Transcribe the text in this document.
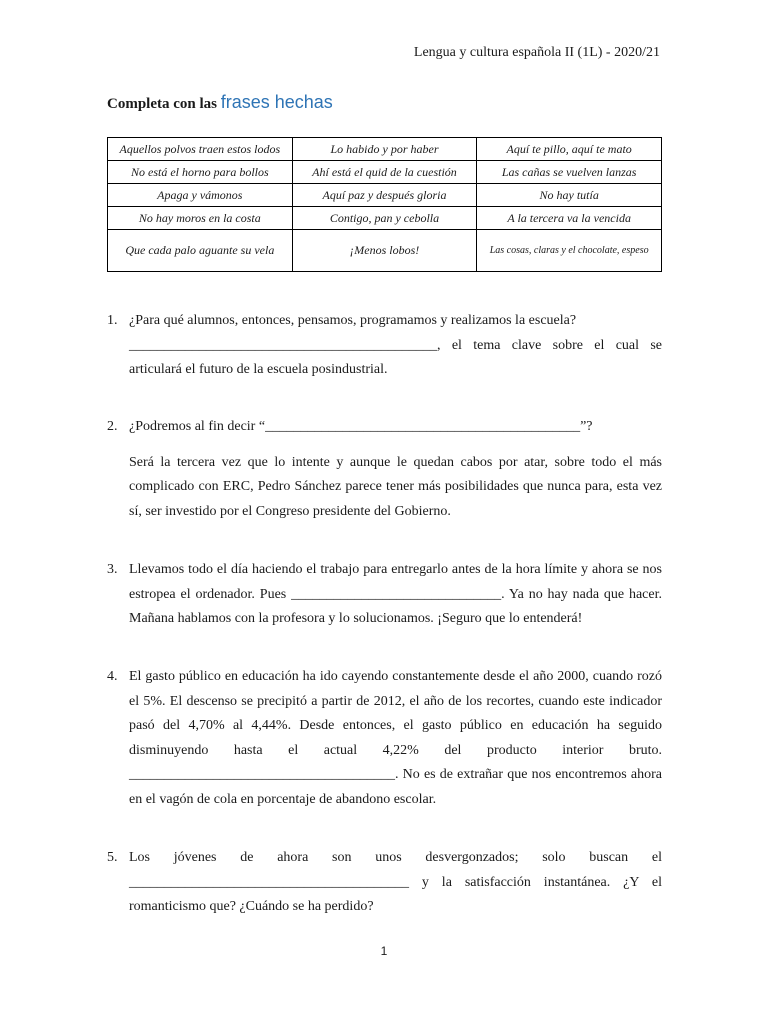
Lengua y cultura española II (1L) - 2020/21
Completa con las frases hechas
Aquellos polvos traen estos lodos	Lo habido y por haber	Aquí te pillo, aquí te mato
No está el horno para bollos	Ahí está el quid de la cuestión	Las cañas se vuelven lanzas
Apaga y vámonos	Aquí paz y después gloria	No hay tutía
No hay moros en la costa	Contigo, pan y cebolla	A la tercera va la vencida
Que cada palo aguante su vela	¡Menos lobos!	Las cosas, claras y el chocolate, espeso
1. ¿Para qué alumnos, entonces, pensamos, programamos y realizamos la escuela?

____________________________________________, el tema clave sobre el cual se articulará el futuro de la escuela posindustrial.

2. ¿Podremos al fin decir “_____________________________________________”?

Será la tercera vez que lo intente y aunque le quedan cabos por atar, sobre todo el más complicado con ERC, Pedro Sánchez parece tener más posibilidades que nunca para, esta vez sí, ser investido por el Congreso presidente del Gobierno.

3. Llevamos todo el día haciendo el trabajo para entregarlo antes de la hora límite y ahora se nos estropea el ordenador. Pues ______________________________. Ya no hay nada que hacer. Mañana hablamos con la profesora y lo solucionamos. ¡Seguro que lo entenderá!

4. El gasto público en educación ha ido cayendo constantemente desde el año 2000, cuando rozó el 5%. El descenso se precipitó a partir de 2012, el año de los recortes, cuando este indicador pasó del 4,70% al 4,44%. Desde entonces, el gasto público en educación ha seguido disminuyendo hasta el actual 4,22% del producto interior bruto. ______________________________________. No es de extrañar que nos encontremos ahora en el vagón de cola en porcentaje de abandono escolar.

5. Los jóvenes de ahora son unos desvergonzados; solo buscan el ________________________________________ y la satisfacción instantánea. ¿Y el romanticismo que? ¿Cuándo se ha perdido?

1
